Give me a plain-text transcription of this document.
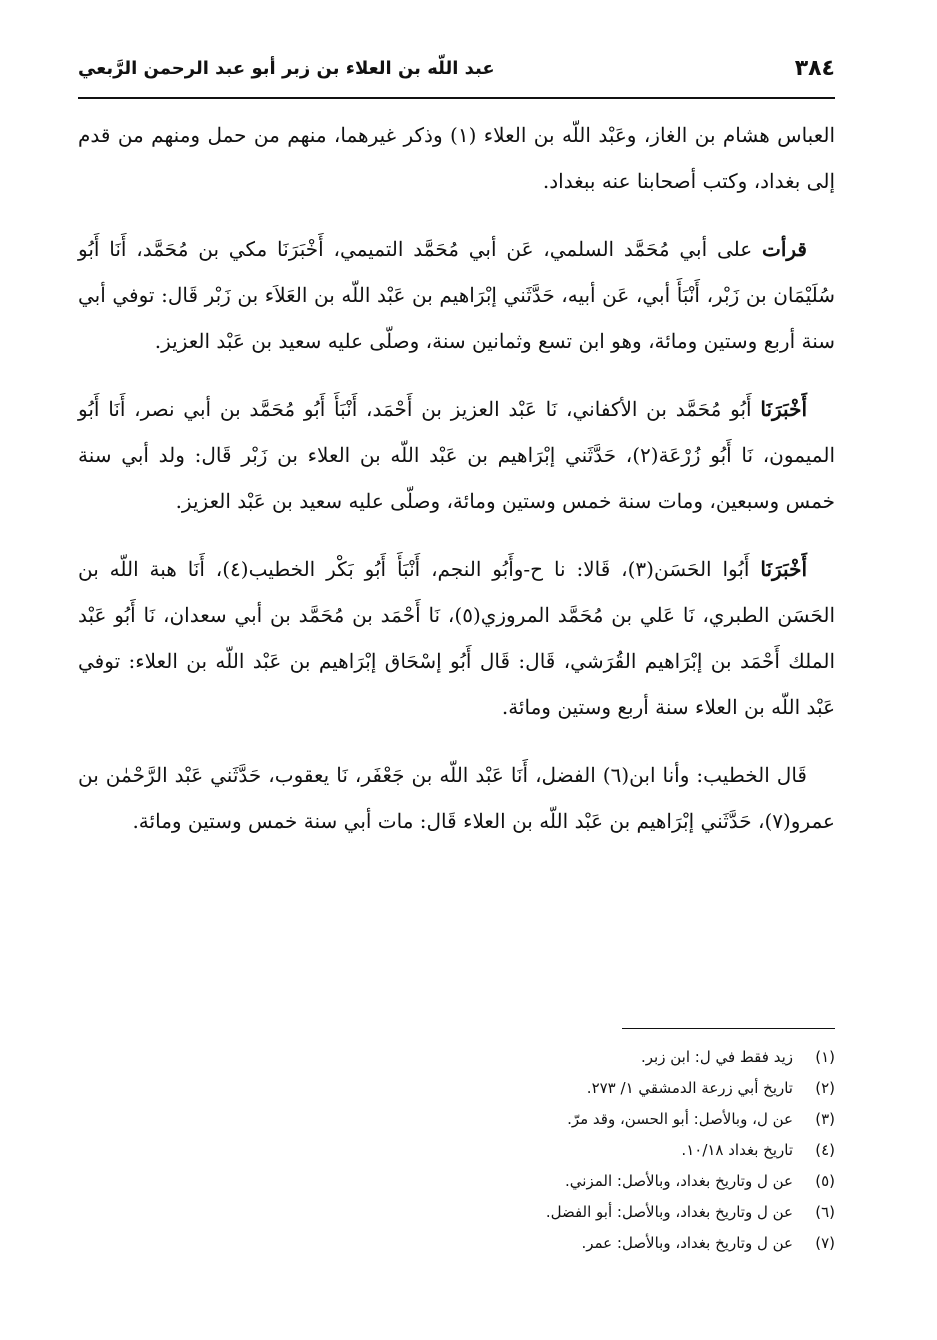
٣٨٤
عبد اللّه بن العلاء بن زبر أبو عبد الرحمن الرَّبعي

العباس هشام بن الغاز، وعَبْد اللّه بن العلاء (١) وذكر غيرهما، منهم من حمل ومنهم من قدم إلى بغداد، وكتب أصحابنا عنه ببغداد.

قرأت على أبي مُحَمَّد السلمي، عَن أبي مُحَمَّد التميمي، أَخْبَرَنَا مكي بن مُحَمَّد، أَنَا أَبُو سُلَيْمَان بن زَبْر، أَنْبَأَ أبي، عَن أبيه، حَدَّثَني إبْرَاهيم بن عَبْد اللّه بن العَلاَء بن زَبْر قَال: توفي أبي سنة أربع وستين ومائة، وهو ابن تسع وثمانين سنة، وصلّى عليه سعيد بن عَبْد العزيز.

أَخْبَرَنَا أَبُو مُحَمَّد بن الأكفاني، نَا عَبْد العزيز بن أَحْمَد، أَنْبَأَ أَبُو مُحَمَّد بن أبي نصر، أَنَا أَبُو الميمون، نَا أَبُو زُرْعَة(٢)، حَدَّثَني إبْرَاهيم بن عَبْد اللّه بن العلاء بن زَبْر قَال: ولد أبي سنة خمس وسبعين، ومات سنة خمس وستين ومائة، وصلّى عليه سعيد بن عَبْد العزيز.

أَخْبَرَنَا أَبُوا الحَسَن(٣)، قَالا: نا ح-وأَبُو النجم، أَنْبَأَ أَبُو بَكْر الخطيب(٤)، أَنَا هبة اللّه بن الحَسَن الطبري، نَا عَلي بن مُحَمَّد المروزي(٥)، نَا أَحْمَد بن مُحَمَّد بن أبي سعدان، نَا أَبُو عَبْد الملك أَحْمَد بن إبْرَاهيم القُرَشي، قَال: قَال أَبُو إسْحَاق إبْرَاهيم بن عَبْد اللّه بن العلاء: توفي عَبْد اللّه بن العلاء سنة أربع وستين ومائة.

قَال الخطيب: وأنا ابن(٦) الفضل، أَنَا عَبْد اللّه بن جَعْفَر، نَا يعقوب، حَدَّثَني عَبْد الرَّحْمٰن بن عمرو(٧)، حَدَّثَني إبْرَاهيم بن عَبْد اللّه بن العلاء قَال: مات أبي سنة خمس وستين ومائة.

(١)
زيد فقط في ل: ابن زبر.
(٢)
تاريخ أبي زرعة الدمشقي ١/ ٢٧٣.
(٣)
عن ل، وبالأصل: أبو الحسن، وقد مرّ.
(٤)
تاريخ بغداد ١٠/١٨.
(٥)
عن ل وتاريخ بغداد، وبالأصل: المزني.
(٦)
عن ل وتاريخ بغداد، وبالأصل: أبو الفضل.
(٧)
عن ل وتاريخ بغداد، وبالأصل: عمر.
